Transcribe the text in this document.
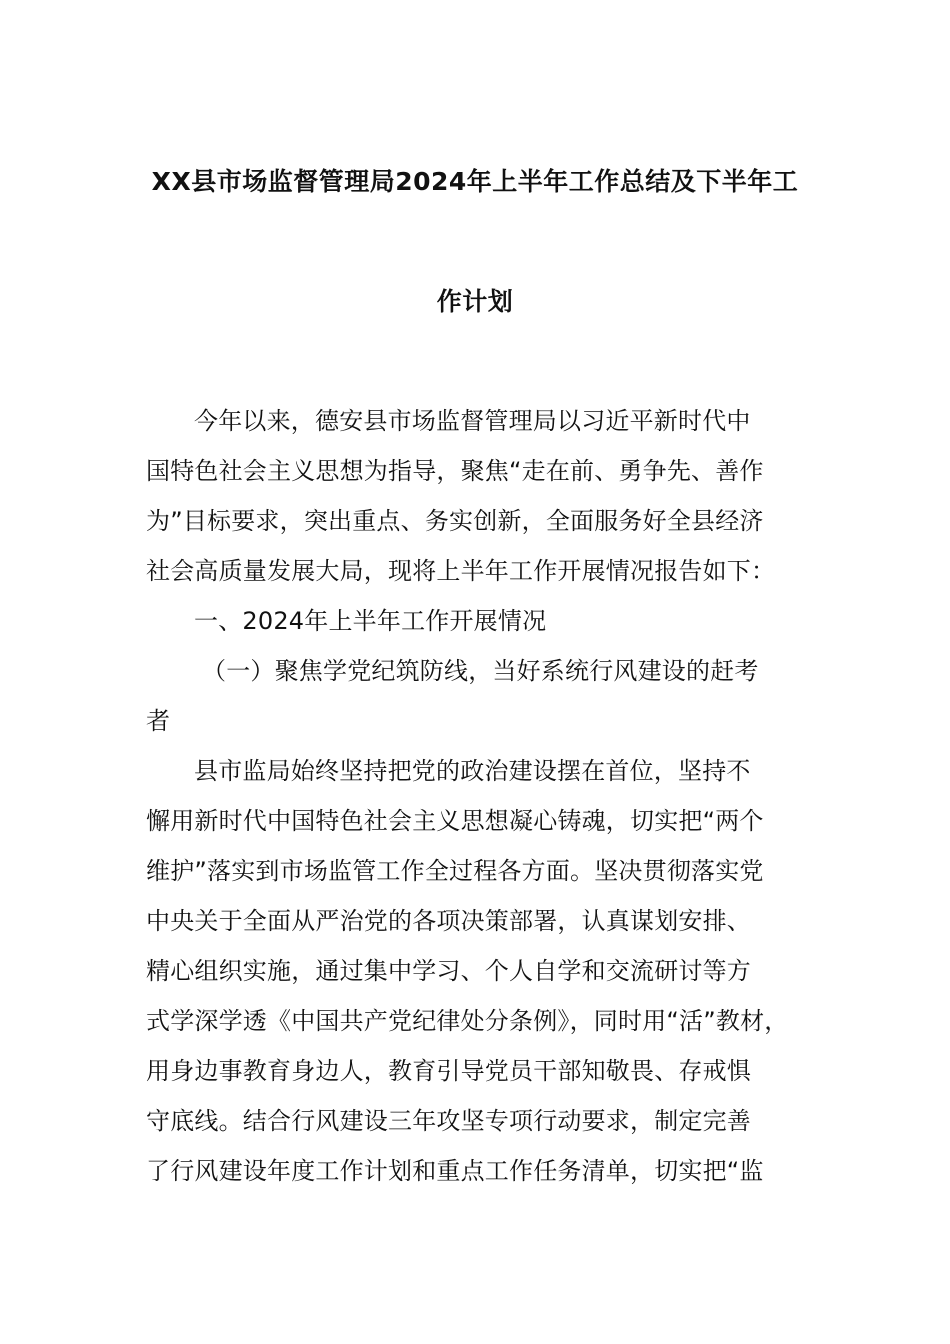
XX县市场监督管理局2024年上半年工作总结及下半年工
作计划
今年以来，德安县市场监督管理局以习近平新时代中
国特色社会主义思想为指导，聚焦“走在前、勇争先、善作
为”目标要求，突出重点、务实创新，全面服务好全县经济
社会高质量发展大局，现将上半年工作开展情况报告如下：
一、2024年上半年工作开展情况
（一）聚焦学党纪筑防线，当好系统行风建设的赶考
者
县市监局始终坚持把党的政治建设摆在首位，坚持不
懈用新时代中国特色社会主义思想凝心铸魂，切实把“两个
维护”落实到市场监管工作全过程各方面。坚决贯彻落实党
中央关于全面从严治党的各项决策部署，认真谋划安排、
精心组织实施，通过集中学习、个人自学和交流研讨等方
式学深学透《中国共产党纪律处分条例》，同时用“活”教材，
用身边事教育身边人，教育引导党员干部知敬畏、存戒惧
守底线。结合行风建设三年攻坚专项行动要求，制定完善
了行风建设年度工作计划和重点工作任务清单，切实把“监
